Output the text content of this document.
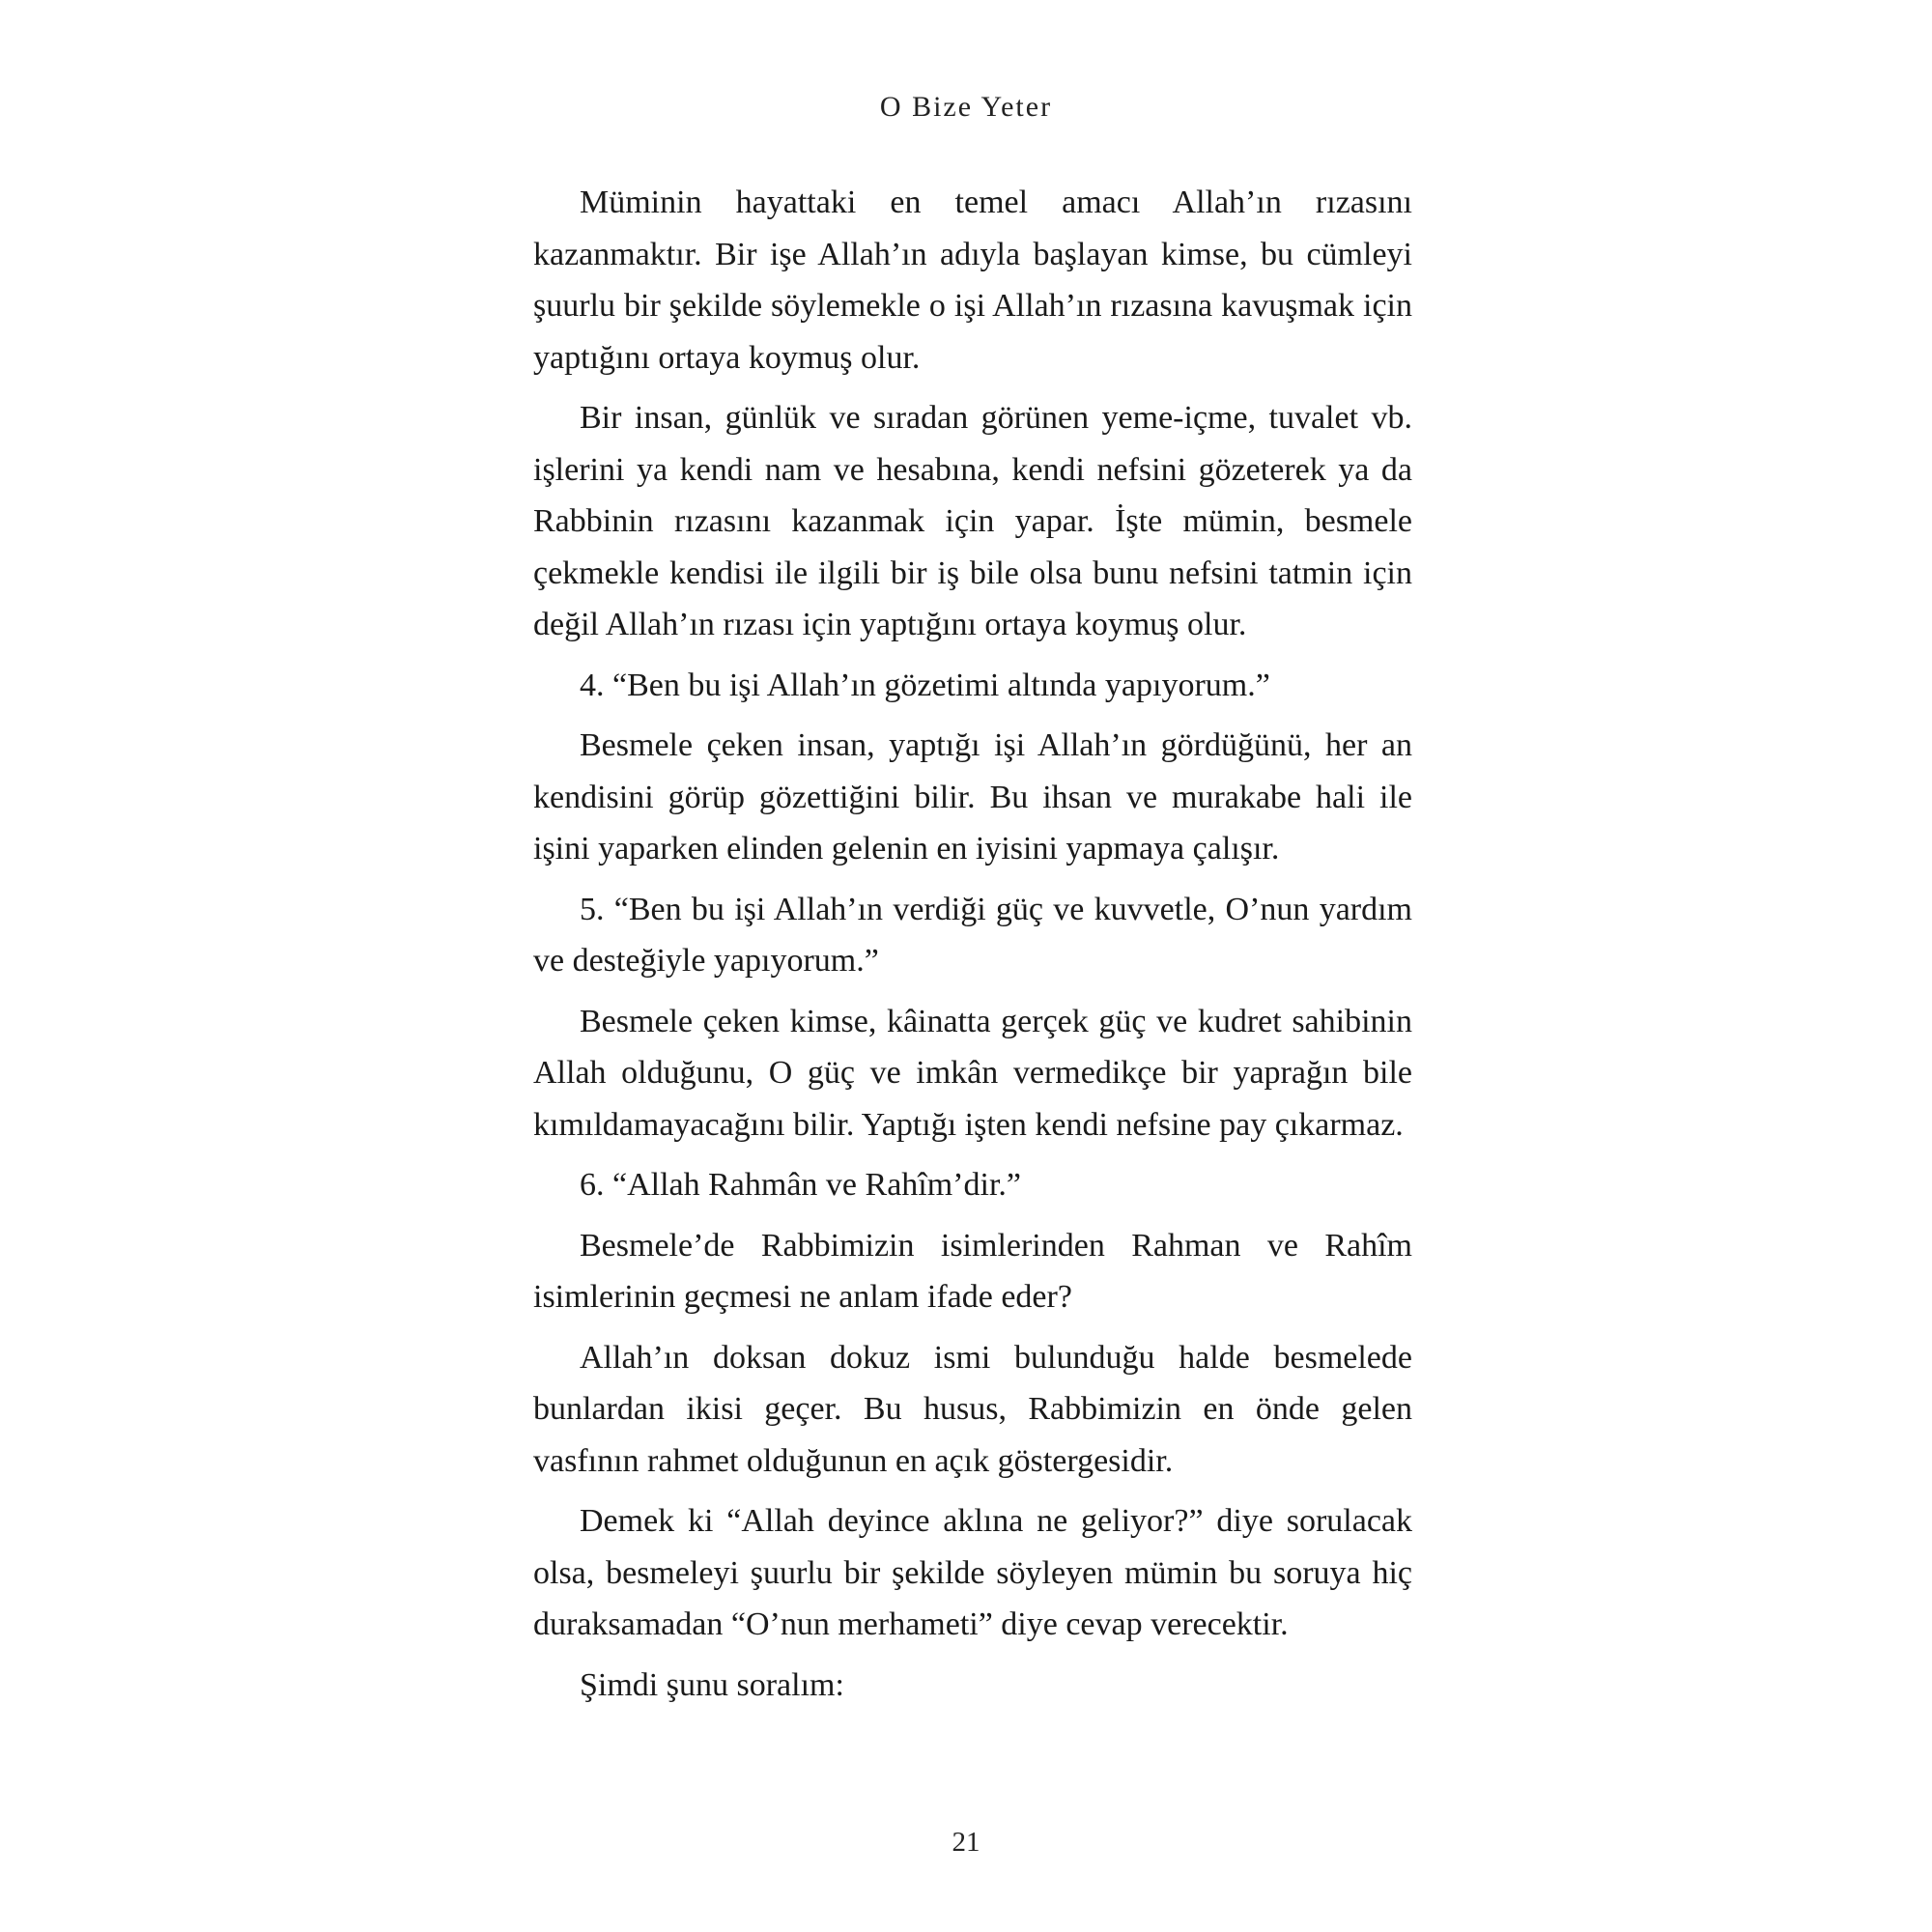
O Bize Yeter

Müminin hayattaki en temel amacı Allah’ın rızasını kazanmaktır. Bir işe Allah’ın adıyla başlayan kimse, bu cümleyi şuurlu bir şekilde söylemekle o işi Allah’ın rızasına kavuşmak için yaptığını ortaya koymuş olur.

Bir insan, günlük ve sıradan görünen yeme-içme, tuvalet vb. işlerini ya kendi nam ve hesabına, kendi nefsini gözeterek ya da Rabbinin rızasını kazanmak için yapar. İşte mümin, besmele çekmekle kendisi ile ilgili bir iş bile olsa bunu nefsini tatmin için değil Allah’ın rızası için yaptığını ortaya koymuş olur.

4. “Ben bu işi Allah’ın gözetimi altında yapıyorum.”

Besmele çeken insan, yaptığı işi Allah’ın gördüğünü, her an kendisini görüp gözettiğini bilir. Bu ihsan ve murakabe hali ile işini yaparken elinden gelenin en iyisini yapmaya çalışır.

5. “Ben bu işi Allah’ın verdiği güç ve kuvvetle, O’nun yardım ve desteğiyle yapıyorum.”

Besmele çeken kimse, kâinatta gerçek güç ve kudret sahibinin Allah olduğunu, O güç ve imkân vermedikçe bir yaprağın bile kımıldamayacağını bilir. Yaptığı işten kendi nefsine pay çıkarmaz.

6. “Allah Rahmân ve Rahîm’dir.”

Besmele’de Rabbimizin isimlerinden Rahman ve Rahîm isimlerinin geçmesi ne anlam ifade eder?

Allah’ın doksan dokuz ismi bulunduğu halde besmelede bunlardan ikisi geçer. Bu husus, Rabbimizin en önde gelen vasfının rahmet olduğunun en açık göstergesidir.

Demek ki “Allah deyince aklına ne geliyor?” diye sorulacak olsa, besmeleyi şuurlu bir şekilde söyleyen mümin bu soruya hiç duraksamadan “O’nun merhameti” diye cevap verecektir.

Şimdi şunu soralım:

21
